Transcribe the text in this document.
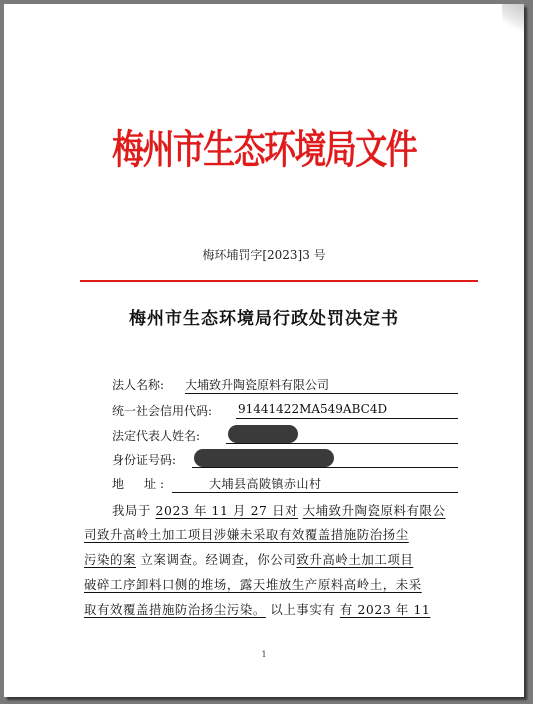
梅州市生态环境局文件
梅环埔罚字[2023]3 号
梅州市生态环境局行政处罚决定书
法人名称: 大埔致升陶瓷原料有限公司
统一社会信用代码: 91441422MA549ABC4D
法定代表人姓名:
身份证号码:
地　址:	大埔县高陂镇赤山村
我局于 2023 年 11 月 27 日对 大埔致升陶瓷原料有限公
司致升高岭土加工项目涉嫌未采取有效覆盖措施防治扬尘
污染的案 立案调查。经调查，你公司致升高岭土加工项目
破碎工序卸料口侧的堆场，露天堆放生产原料高岭土，未采
取有效覆盖措施防治扬尘污染。 以上事实有 有 2023 年 11
1
